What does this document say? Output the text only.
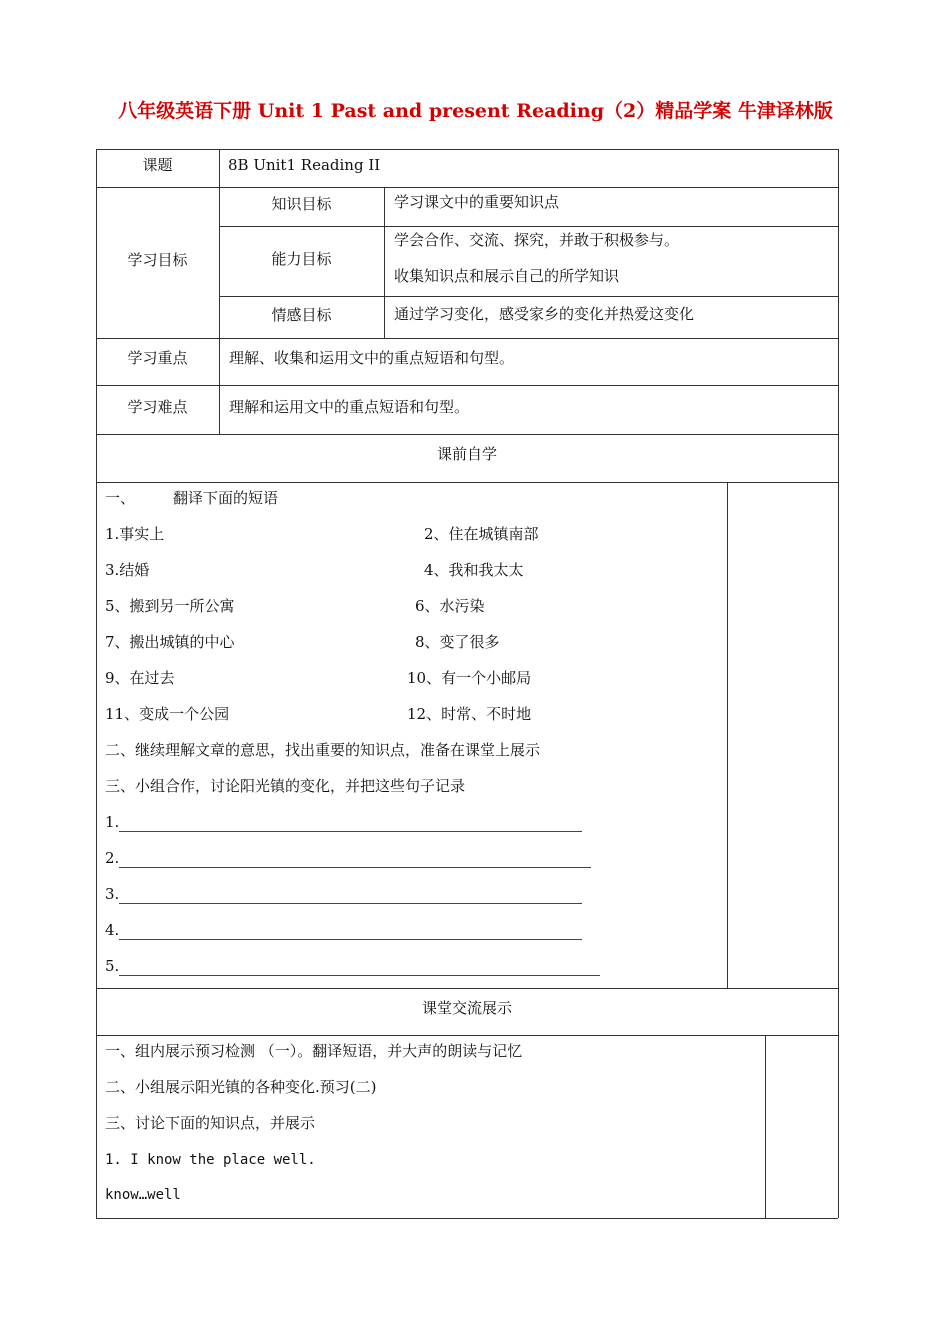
八年级英语下册 Unit 1 Past and present Reading（2）精品学案 牛津译林版
课题	8B Unit1 Reading II
学习目标
知识目标	学习课文中的重要知识点
能力目标
学会合作、交流、探究，并敢于积极参与。
收集知识点和展示自己的所学知识
情感目标	通过学习变化，感受家乡的变化并热爱这变化
学习重点	理解、收集和运用文中的重点短语和句型。
学习难点	理解和运用文中的重点短语和句型。
课前自学
一、	翻译下面的短语
1.事实上	2、住在城镇南部
3.结婚	4、我和我太太
5、搬到另一所公寓	6、水污染
7、搬出城镇的中心	8、变了很多
9、在过去	10、有一个小邮局
11、变成一个公园	12、时常、不时地
二、继续理解文章的意思，找出重要的知识点，准备在课堂上展示
三、小组合作，讨论阳光镇的变化，并把这些句子记录
1.
2.
3.
4.
5.
课堂交流展示
一、组内展示预习检测 （一）。翻译短语，并大声的朗读与记忆
二、小组展示阳光镇的各种变化.预习(二)
三、讨论下面的知识点，并展示
1. I know the place well.
know…well
